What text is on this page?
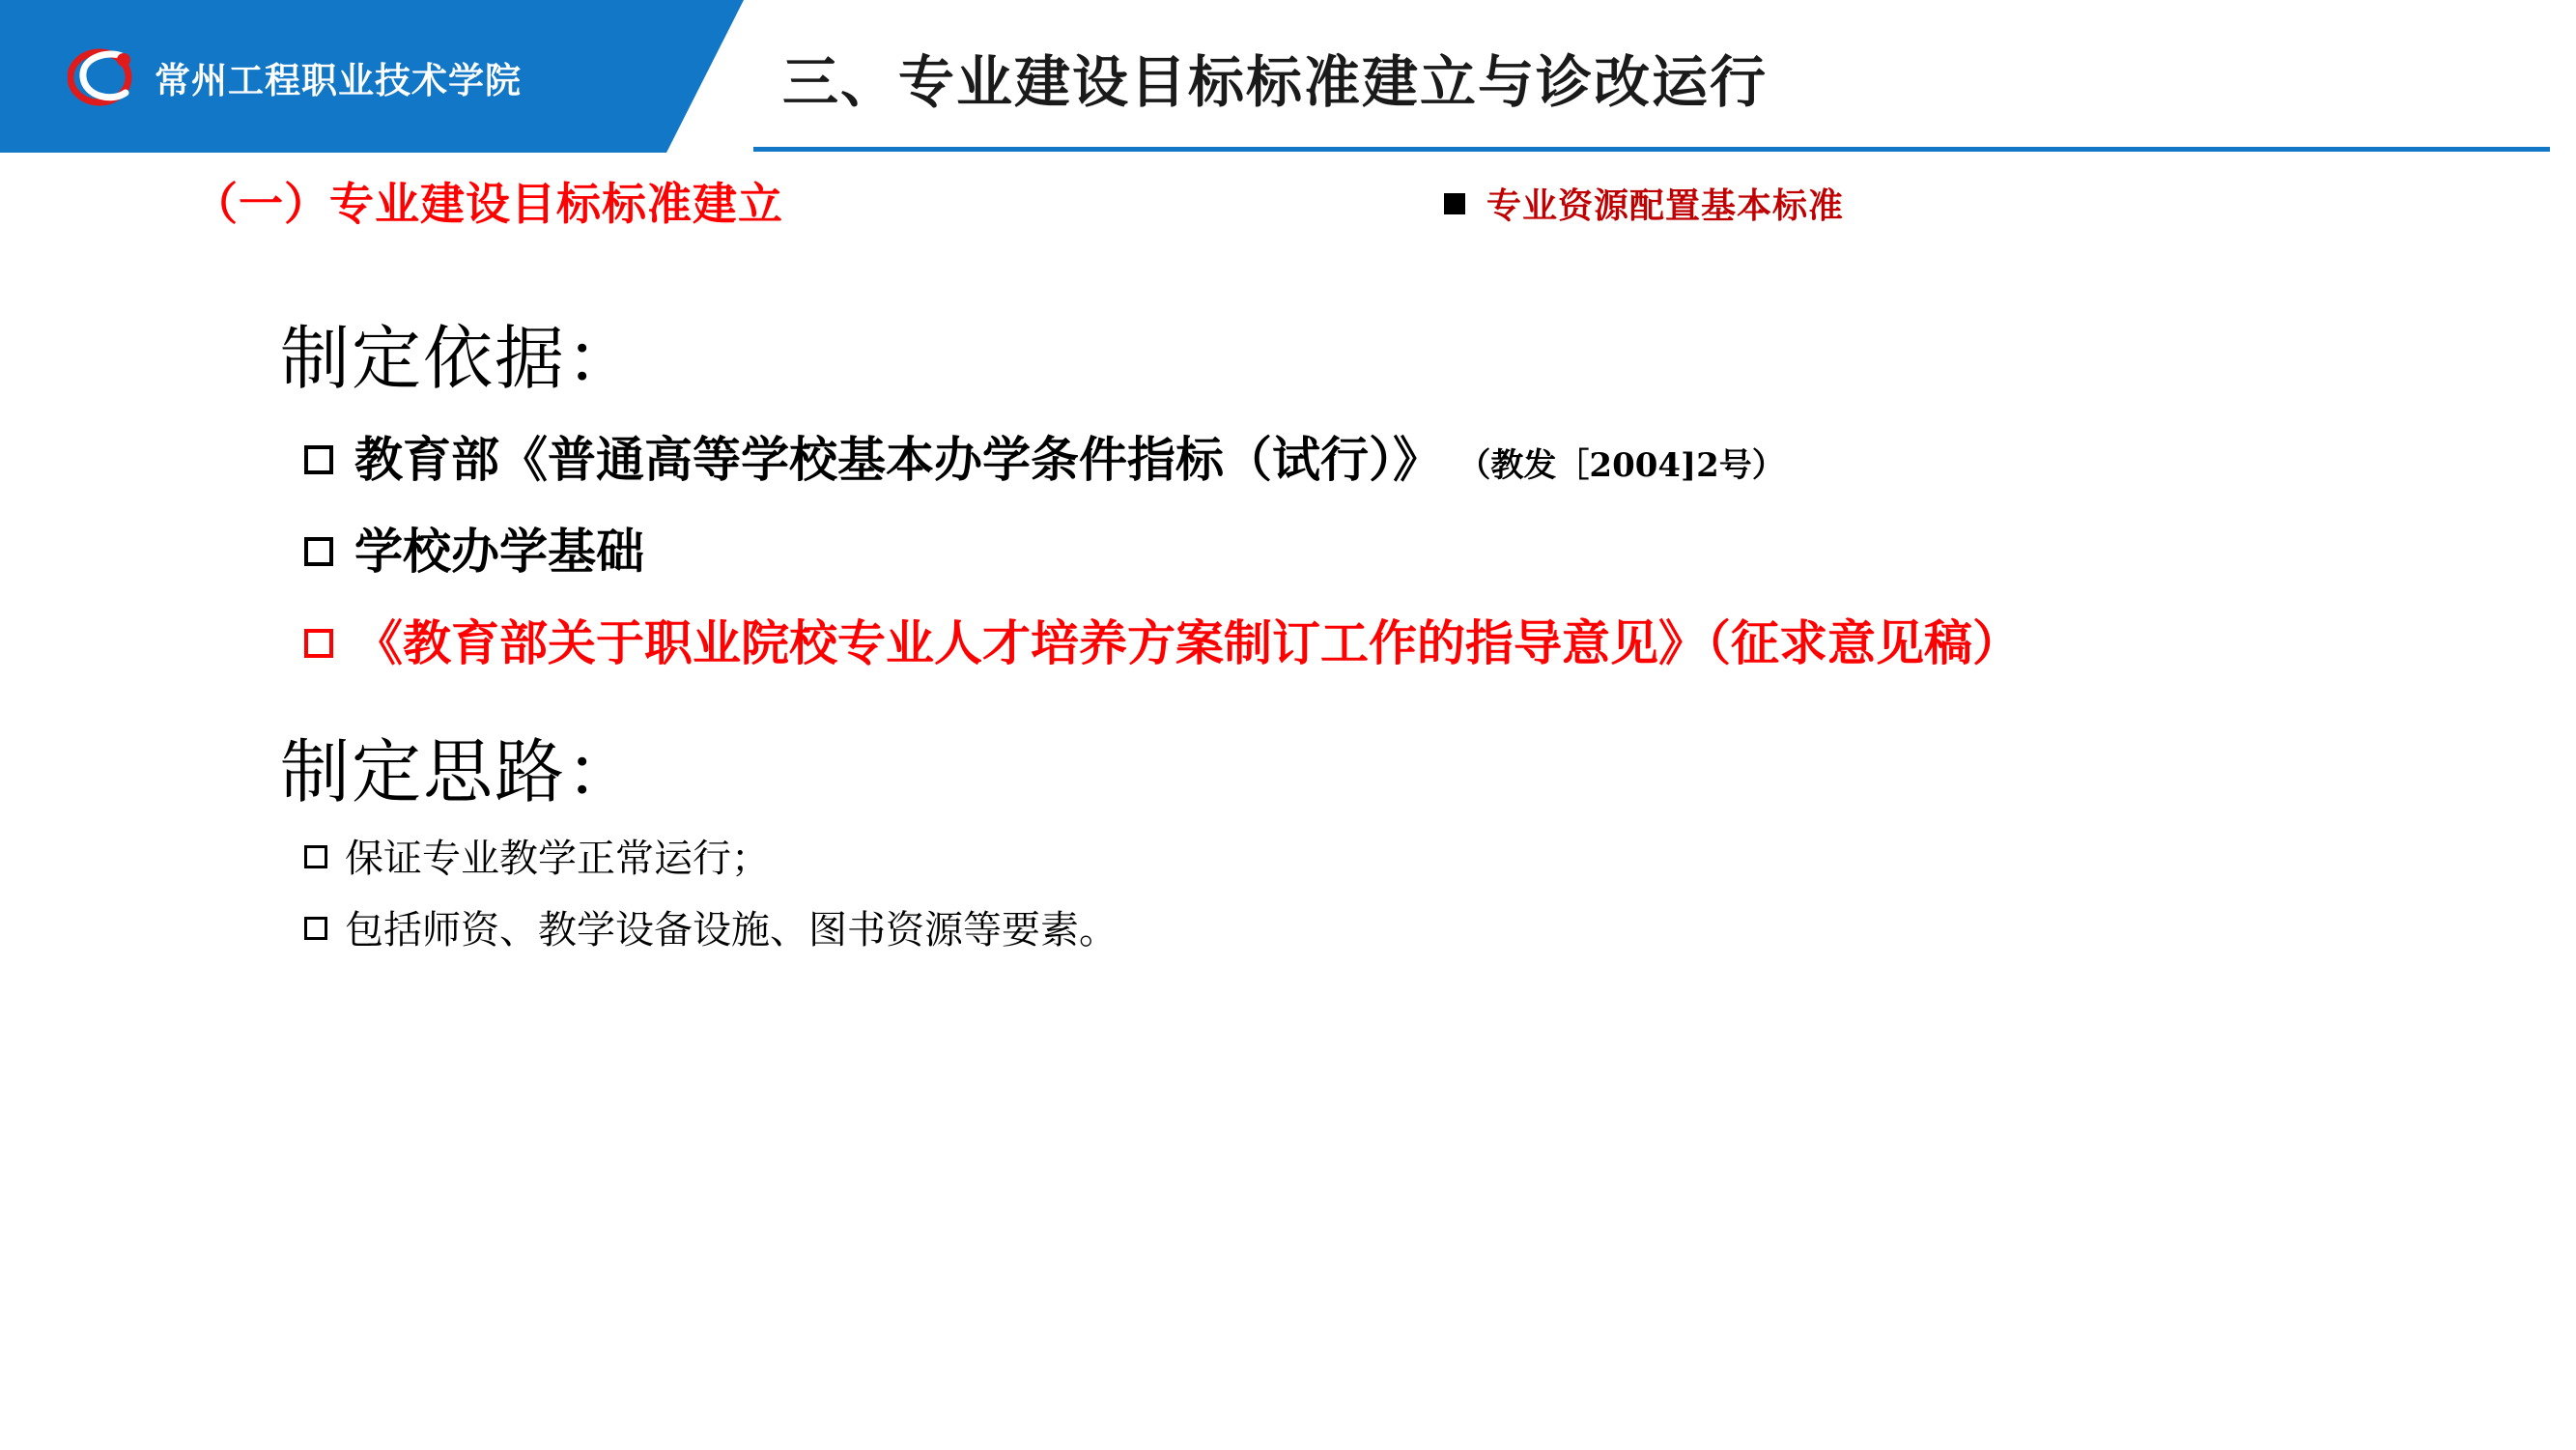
常州工程职业技术学院	三、专业建设目标标准建立与诊改运行
（一）专业建设目标标准建立	专业资源配置基本标准
制定依据：
教育部《普通高等学校基本办学条件指标（试行）》 （教发［2004]2号）
学校办学基础
《教育部关于职业院校专业人才培养方案制订工作的指导意见》（征求意见稿）
制定思路：
保证专业教学正常运行；
包括师资、教学设备设施、图书资源等要素。
